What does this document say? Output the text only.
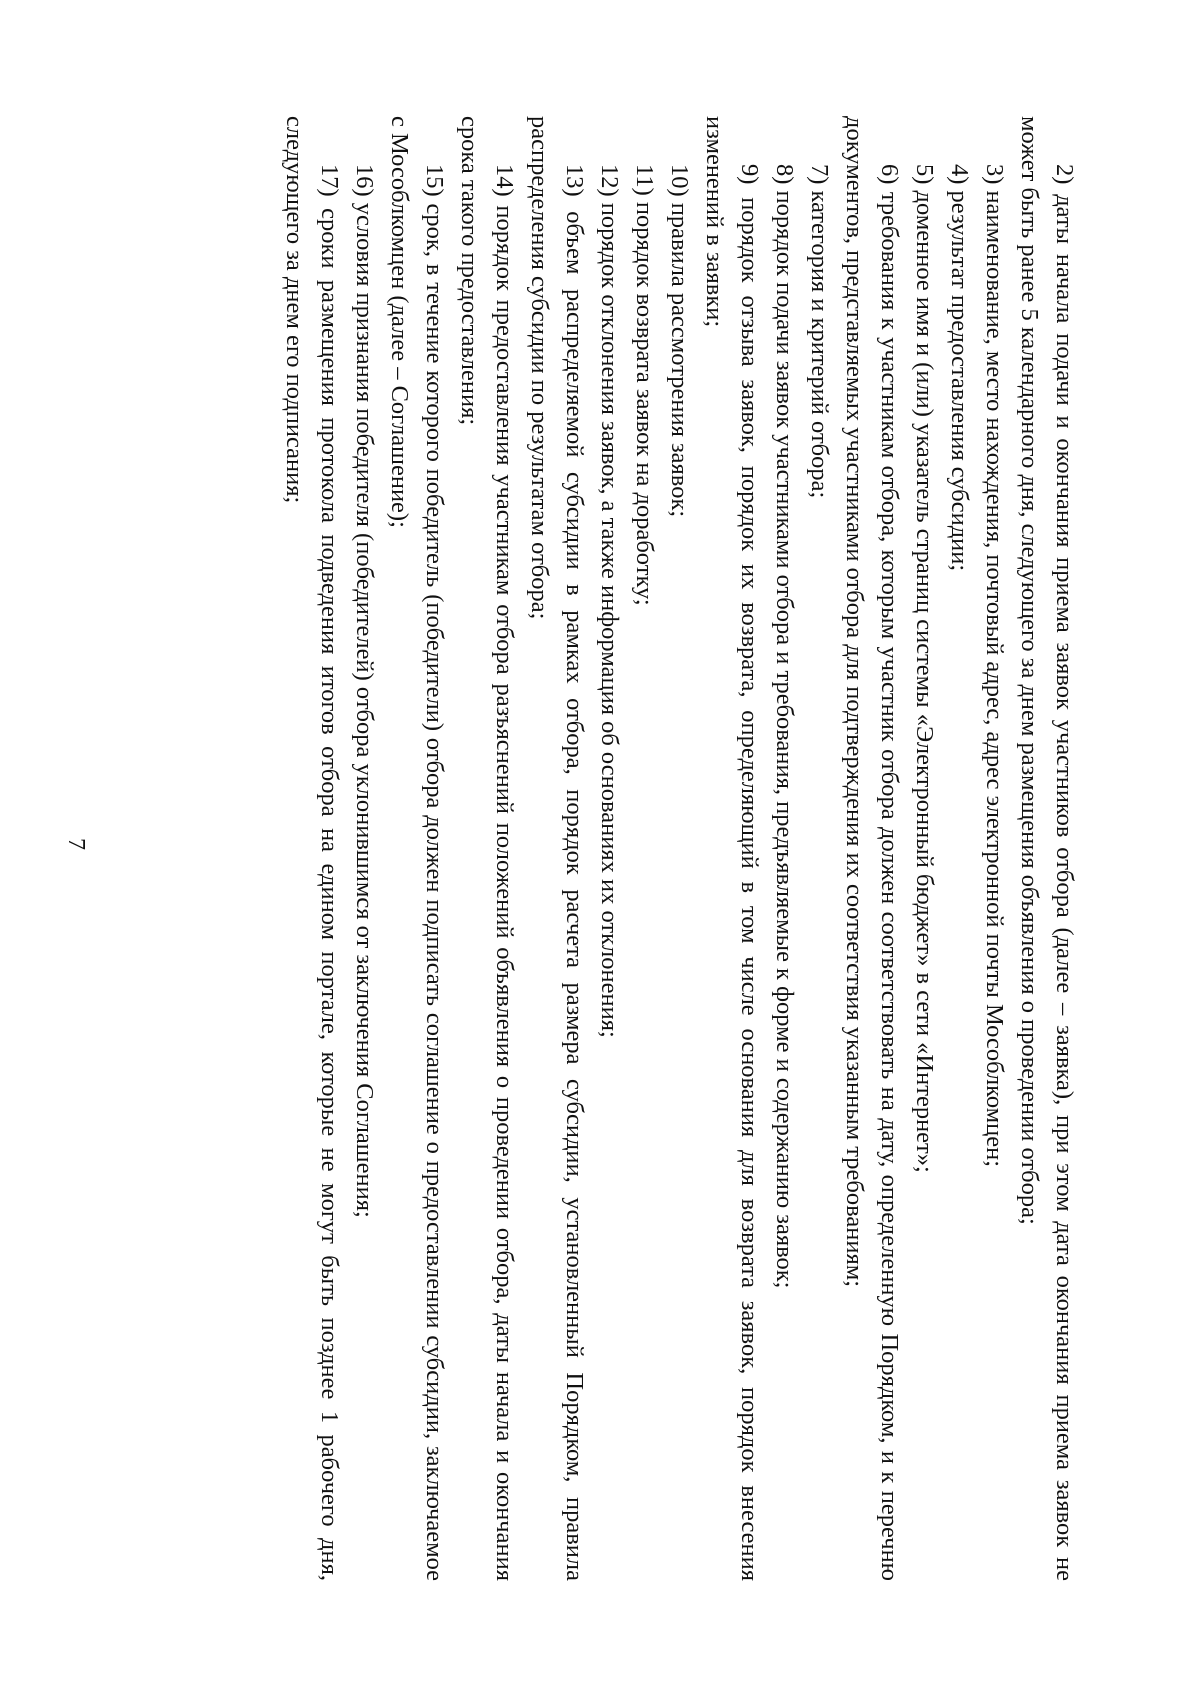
7	2) даты начала подачи и окончания приема заявок участников отбора (далее – заявка), при этом дата окончания приема заявок не может быть ранее 5 календарного дня, следующего за днем размещения объявления о проведении отбора;

3) наименование, место нахождения, почтовый адрес, адрес электронной почты Мособлкомцен;

4) результат предоставления субсидии;

5) доменное имя и (или) указатель страниц системы «Электронный бюджет» в сети «Интернет»;

6) требования к участникам отбора, которым участник отбора должен соответствовать на дату, определенную Порядком, и к перечню документов, представляемых участниками отбора для подтверждения их соответствия указанным требованиям;

7) категория и критерий отбора;

8) порядок подачи заявок участниками отбора и требования, предъявляемые к форме и содержанию заявок;

9) порядок отзыва заявок, порядок их возврата, определяющий в том числе основания для возврата заявок, порядок внесения изменений в заявки;

10) правила рассмотрения заявок;

11) порядок возврата заявок на доработку;

12) порядок отклонения заявок, а также информация об основаниях их отклонения;

13) объем распределяемой субсидии в рамках отбора, порядок расчета размера субсидии, установленный Порядком, правила распределения субсидии по результатам отбора;

14) порядок предоставления участникам отбора разъяснений положений объявления о проведении отбора, даты начала и окончания срока такого предоставления;

15) срок, в течение которого победитель (победители) отбора должен подписать соглашение о предоставлении субсидии, заключаемое с Мособлкомцен (далее – Соглашение);

16) условия признания победителя (победителей) отбора уклонившимся от заключения Соглашения;

17) сроки размещения протокола подведения итогов отбора на едином портале, которые не могут быть позднее 1 рабочего дня, следующего за днем его подписания;
